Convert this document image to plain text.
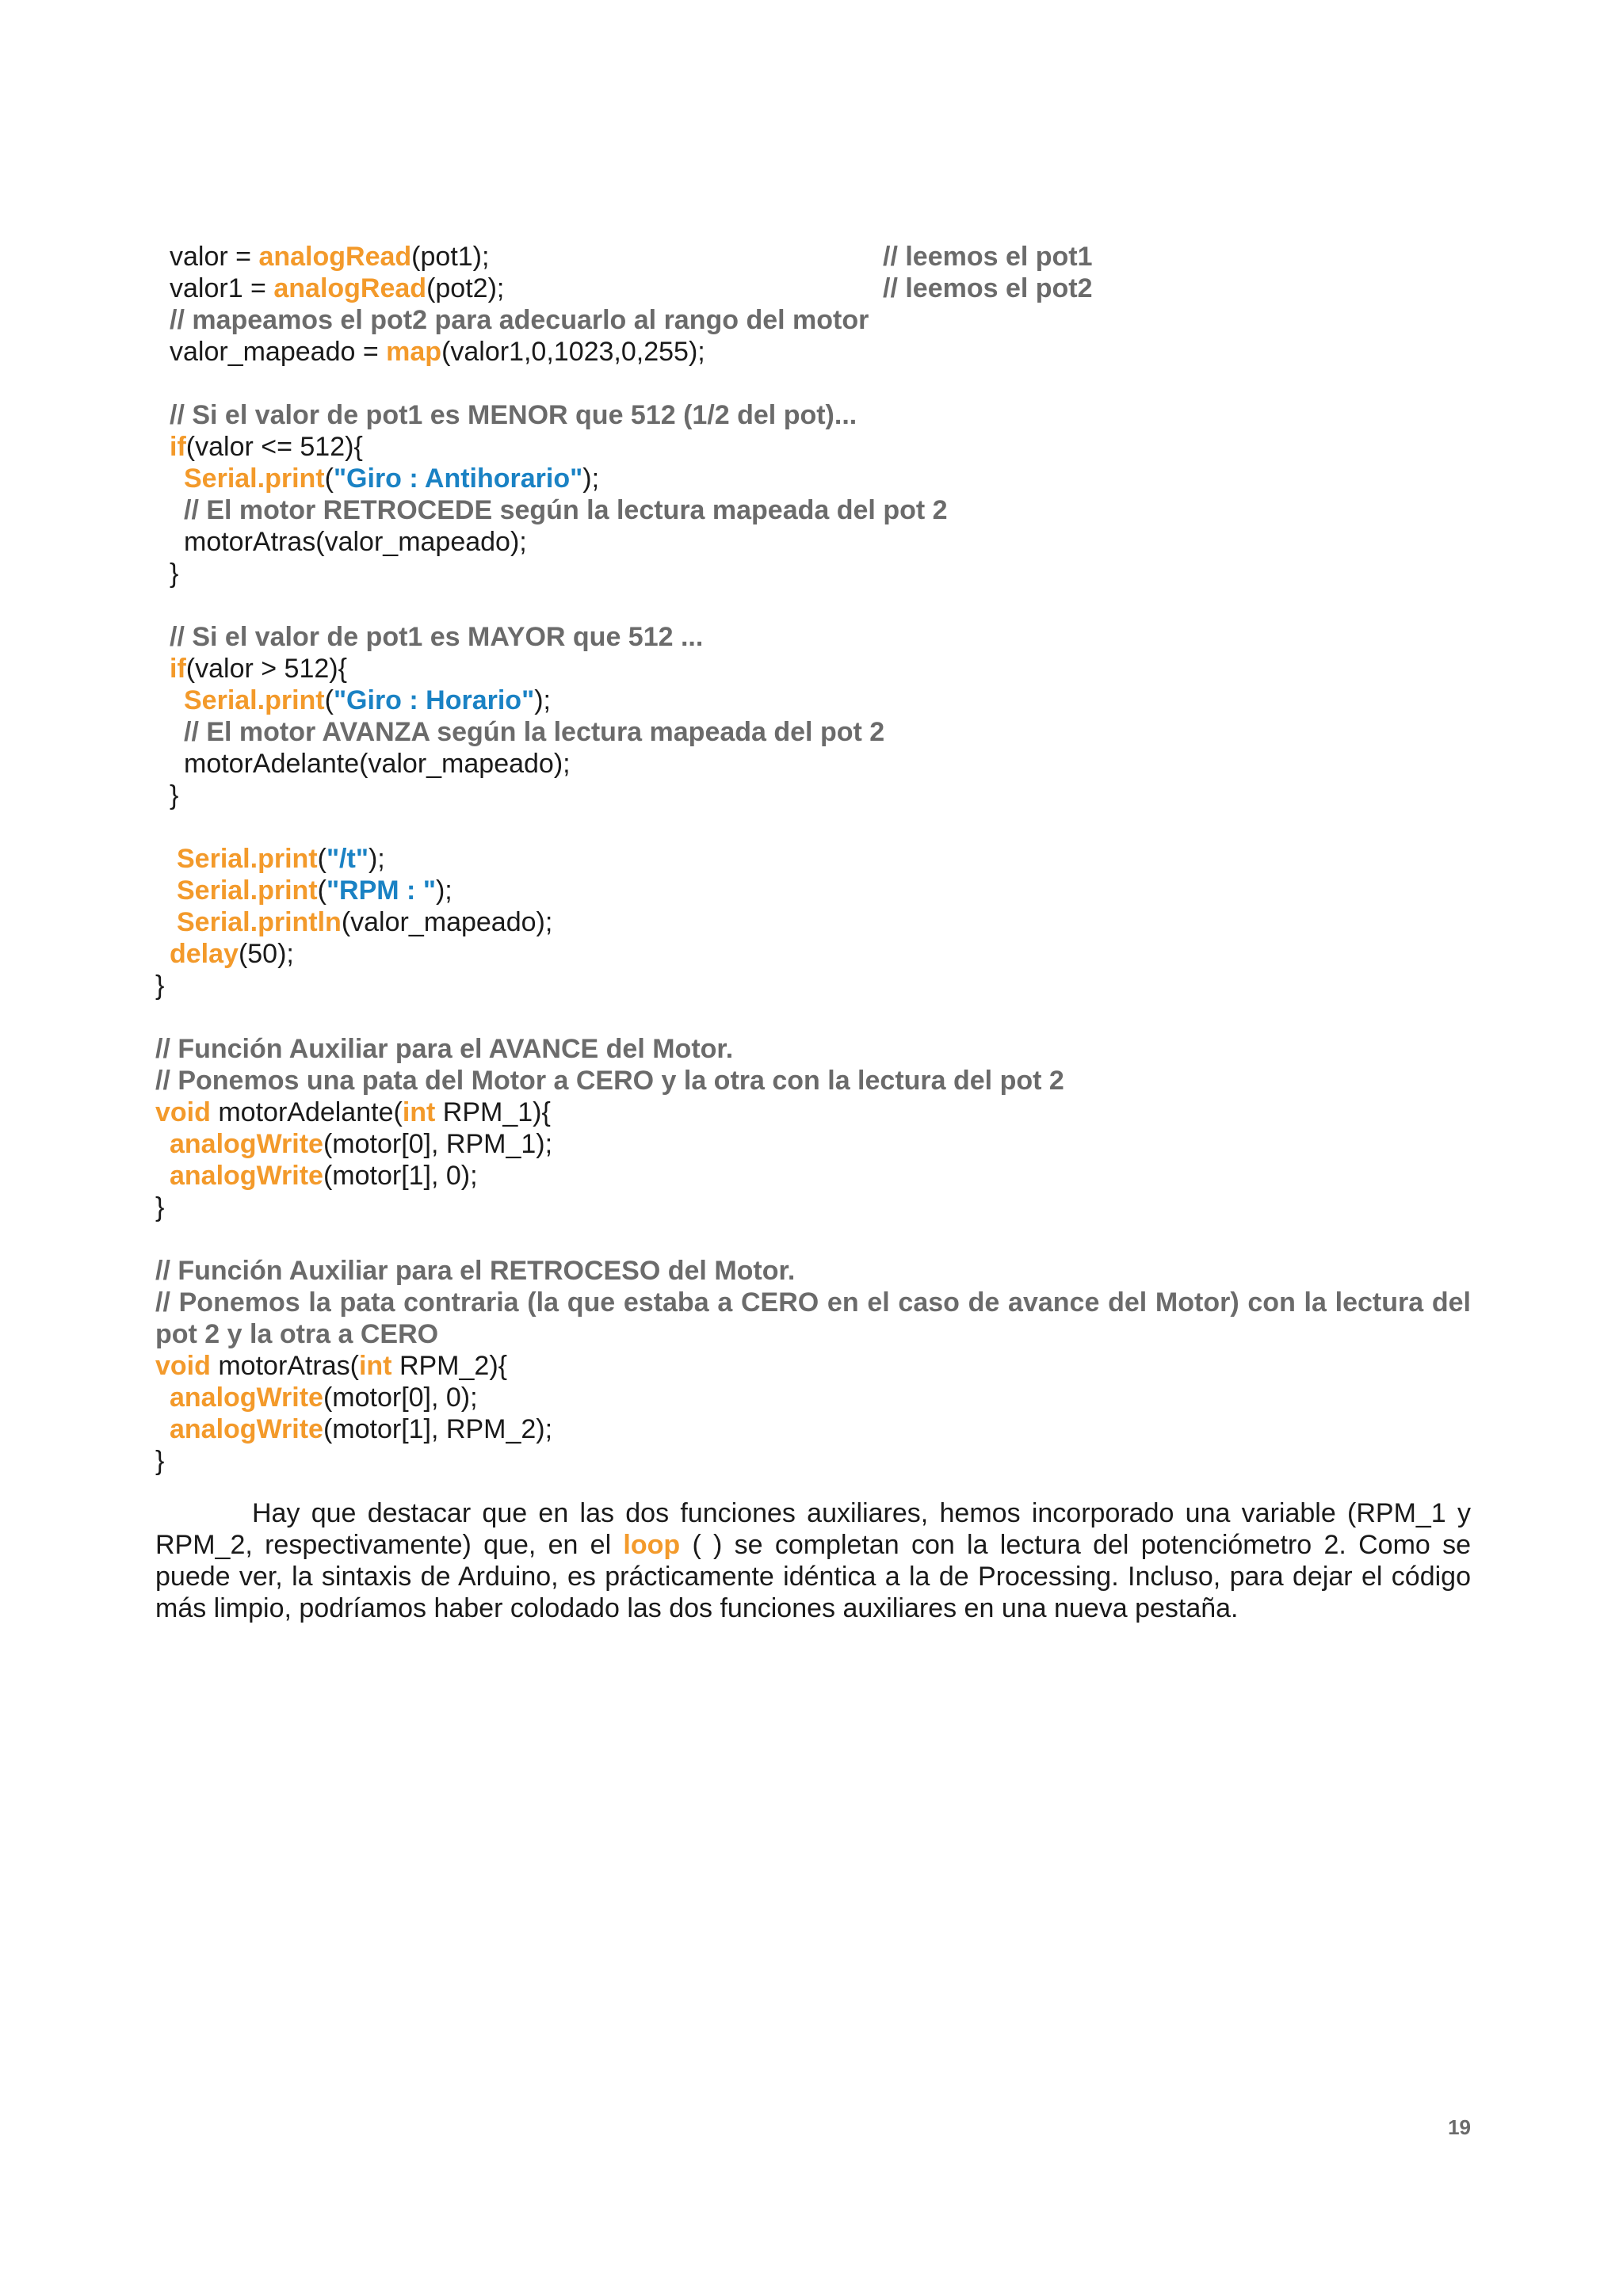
valor = analogRead(pot1);	// leemos el pot1
valor1 = analogRead(pot2);	// leemos el pot2
// mapeamos el pot2 para adecuarlo al rango del motor
valor_mapeado = map(valor1,0,1023,0,255);
// Si el valor de pot1 es MENOR que 512 (1/2 del pot)...
if(valor <= 512){
Serial.print("Giro : Antihorario");
// El motor RETROCEDE según la lectura mapeada del pot 2
motorAtras(valor_mapeado);
}
// Si el valor de pot1 es MAYOR que 512 ...
if(valor > 512){
Serial.print("Giro : Horario");
// El motor AVANZA según la lectura mapeada del pot 2
motorAdelante(valor_mapeado);
}
Serial.print("/t");
Serial.print("RPM : ");
Serial.println(valor_mapeado);
delay(50);
}
// Función Auxiliar para el AVANCE del Motor.
// Ponemos una pata del Motor a CERO y la otra con la lectura del pot 2
void motorAdelante(int RPM_1){
analogWrite(motor[0], RPM_1);
analogWrite(motor[1], 0);
}
// Función Auxiliar para el RETROCESO del Motor.
// Ponemos la pata contraria (la que estaba a CERO en el caso de avance del Motor) con la lectura del pot 2 y la otra a CERO
void motorAtras(int RPM_2){
analogWrite(motor[0], 0);
analogWrite(motor[1], RPM_2);
}
Hay que destacar que en las dos funciones auxiliares, hemos incorporado una variable (RPM_1 y RPM_2, respectivamente) que, en el loop ( ) se completan con la lectura del potenciómetro 2. Como se puede ver, la sintaxis de Arduino, es prácticamente idéntica a la de Processing. Incluso, para dejar el código más limpio, podríamos haber colodado las dos funciones auxiliares en una nueva pestaña.
19
